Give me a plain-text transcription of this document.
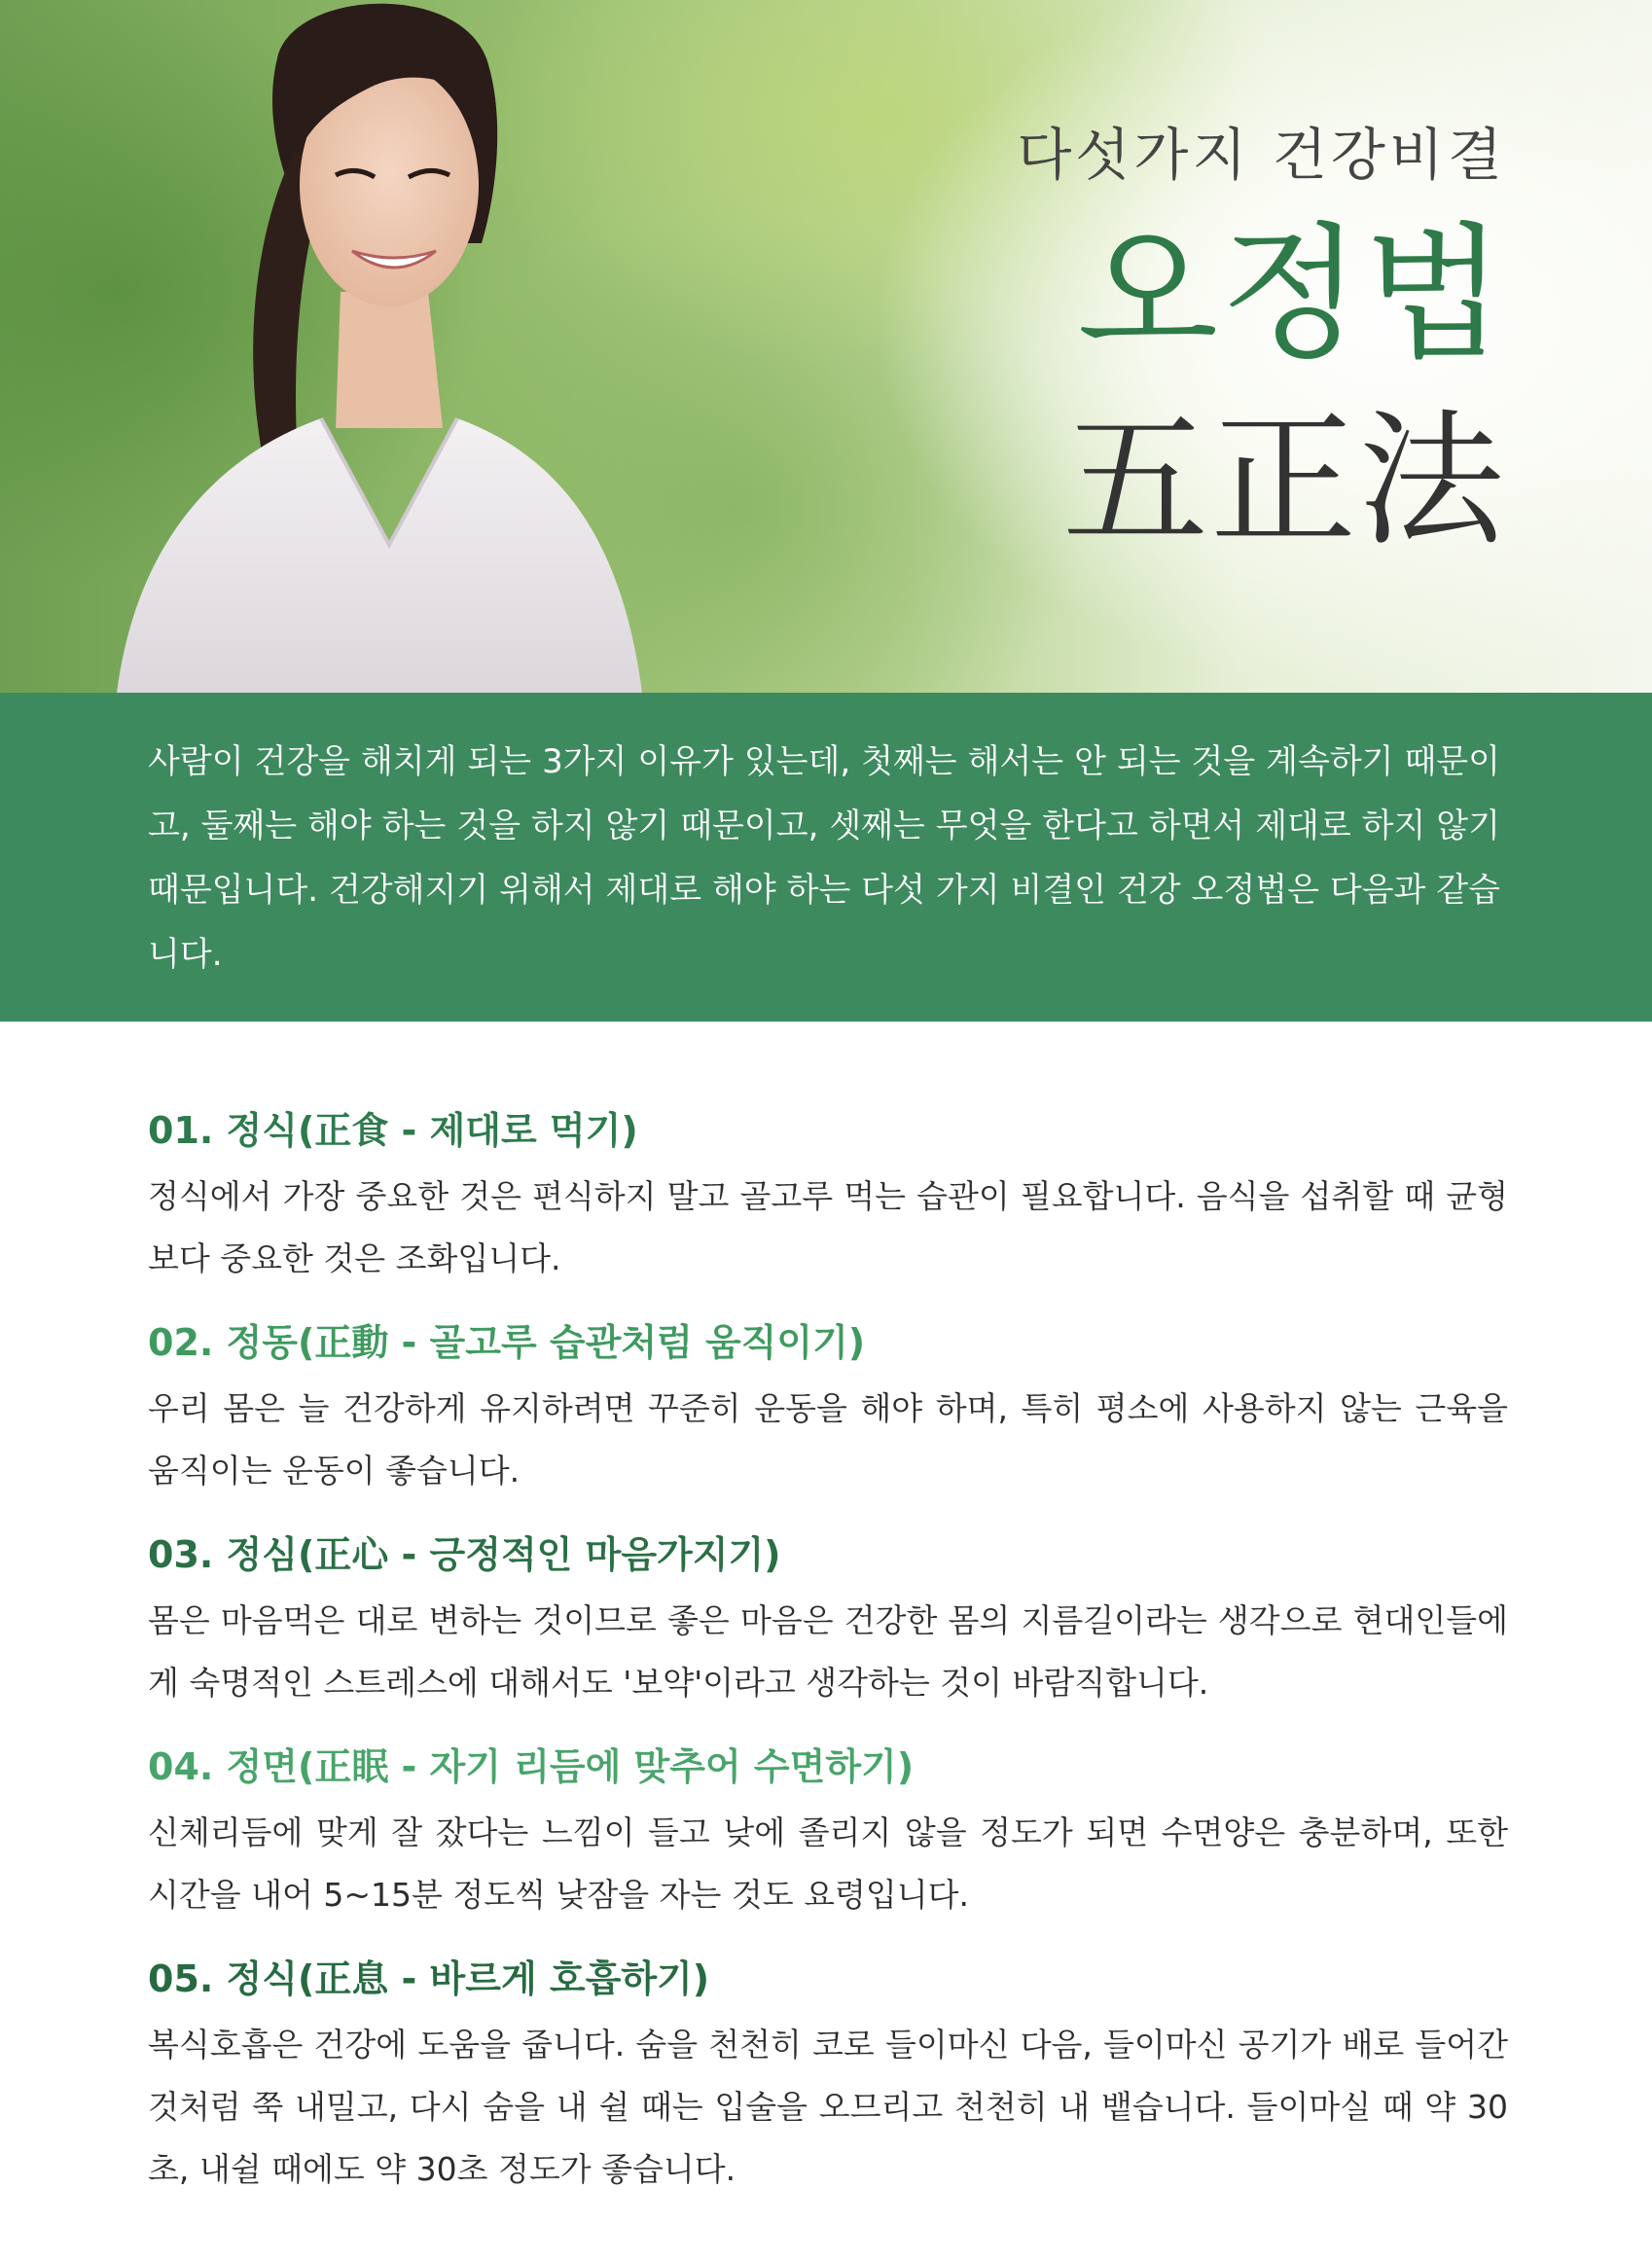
다섯가지 건강비결
오정법
五正法

사람이 건강을 해치게 되는 3가지 이유가 있는데, 첫째는 해서는 안 되는 것을 계속하기 때문이고, 둘째는 해야 하는 것을 하지 않기 때문이고, 셋째는 무엇을 한다고 하면서 제대로 하지 않기 때문입니다. 건강해지기 위해서 제대로 해야 하는 다섯 가지 비결인 건강 오정법은 다음과 같습니다.

01. 정식(正食 - 제대로 먹기)

정식에서 가장 중요한 것은 편식하지 말고 골고루 먹는 습관이 필요합니다. 음식을 섭취할 때 균형보다 중요한 것은 조화입니다.

02. 정동(正動 - 골고루 습관처럼 움직이기)

우리 몸은 늘 건강하게 유지하려면 꾸준히 운동을 해야 하며, 특히 평소에 사용하지 않는 근육을 움직이는 운동이 좋습니다.

03. 정심(正心 - 긍정적인 마음가지기)

몸은 마음먹은 대로 변하는 것이므로 좋은 마음은 건강한 몸의 지름길이라는 생각으로 현대인들에게 숙명적인 스트레스에 대해서도 '보약'이라고 생각하는 것이 바람직합니다.

04. 정면(正眠 - 자기 리듬에 맞추어 수면하기)

신체리듬에 맞게 잘 잤다는 느낌이 들고 낮에 졸리지 않을 정도가 되면 수면양은 충분하며, 또한 시간을 내어 5~15분 정도씩 낮잠을 자는 것도 요령입니다.

05. 정식(正息 - 바르게 호흡하기)

복식호흡은 건강에 도움을 줍니다. 숨을 천천히 코로 들이마신 다음, 들이마신 공기가 배로 들어간 것처럼 쭉 내밀고, 다시 숨을 내 쉴 때는 입술을 오므리고 천천히 내 뱉습니다. 들이마실 때 약 30초, 내쉴 때에도 약 30초 정도가 좋습니다.
